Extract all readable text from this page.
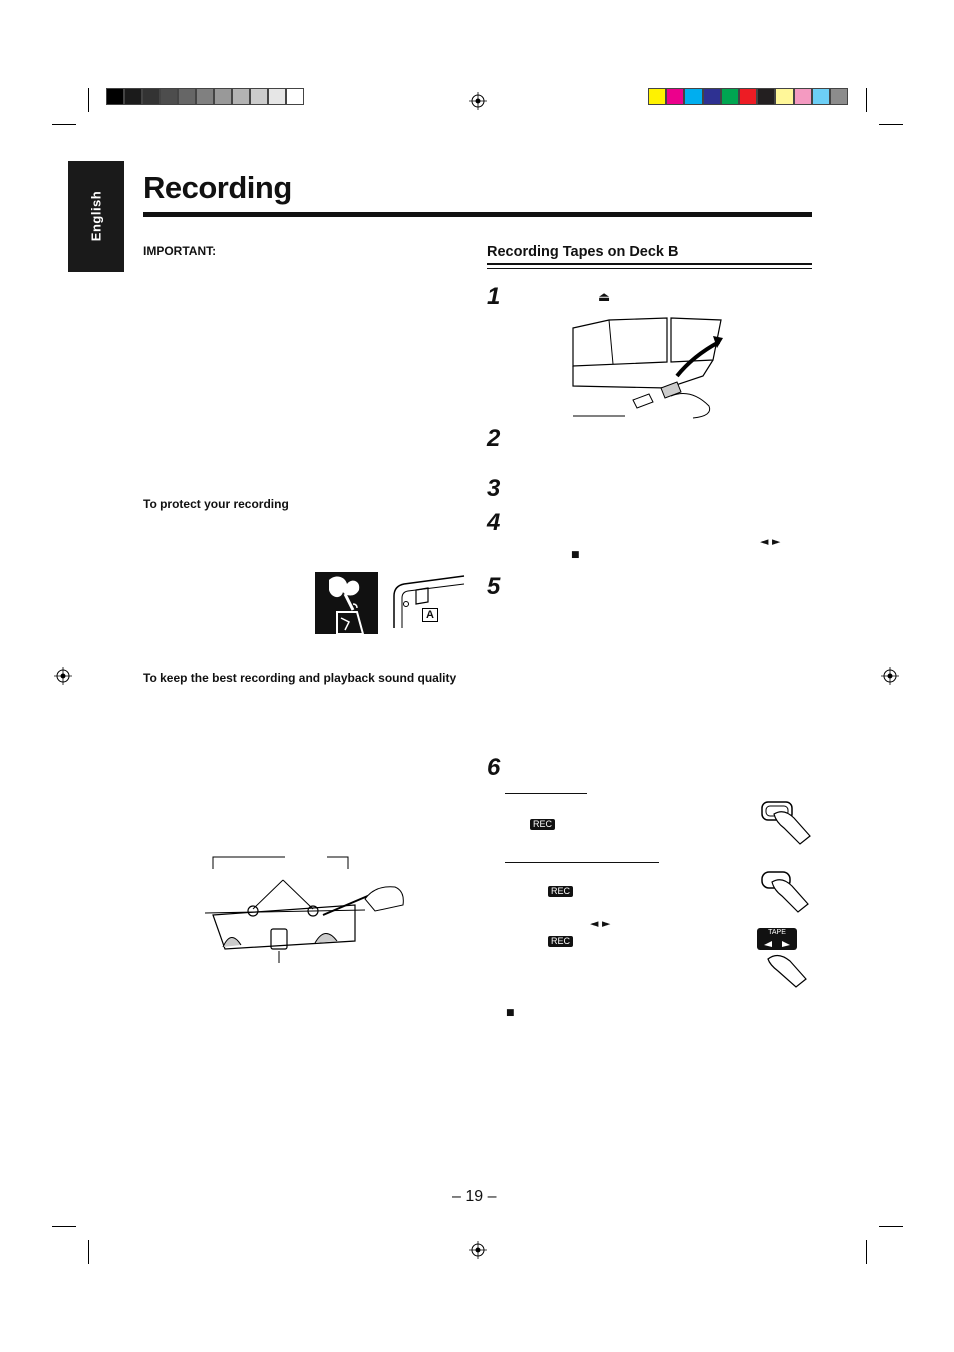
English
Recording
IMPORTANT:
To protect your recording
A
To keep the best recording and playback sound quality
Recording Tapes on Deck B
1	⏏
2
3
4
◄ ►
■
5
6
REC
REC
◄ ►
REC
TAPE
■
– 19 –
